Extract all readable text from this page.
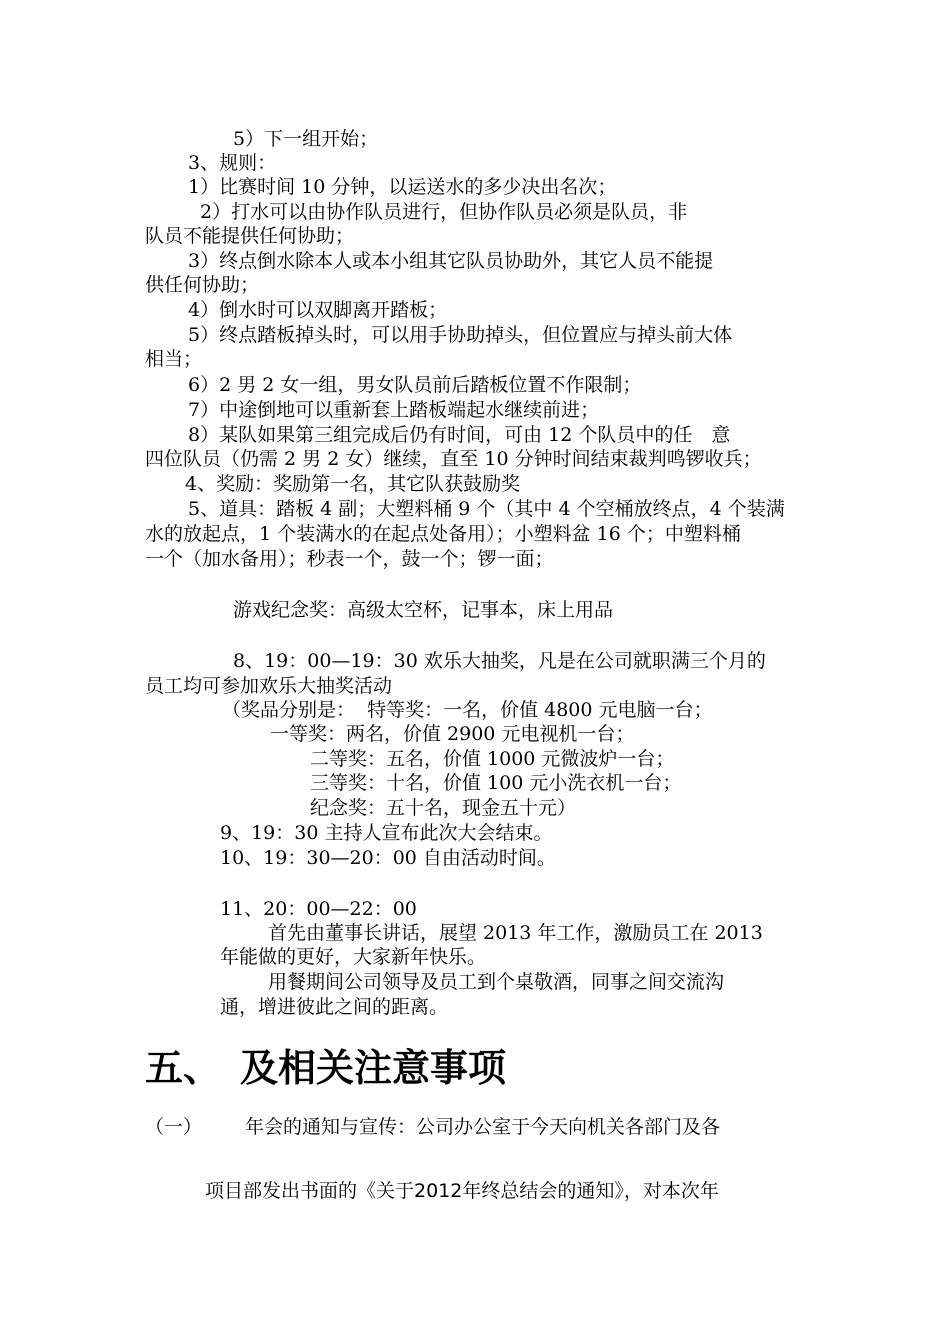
5）下一组开始；
3、规则：
1）比赛时间 10 分钟，以运送水的多少决出名次；
2）打水可以由协作队员进行，但协作队员必须是队员，非
队员不能提供任何协助；
3）终点倒水除本人或本小组其它队员协助外，其它人员不能提
供任何协助；
4）倒水时可以双脚离开踏板；
5）终点踏板掉头时，可以用手协助掉头，但位置应与掉头前大体
相当；
6）2 男 2 女一组，男女队员前后踏板位置不作限制；
7）中途倒地可以重新套上踏板端起水继续前进；
8）某队如果第三组完成后仍有时间，可由 12 个队员中的任　意
四位队员（仍需 2 男 2 女）继续，直至 10 分钟时间结束裁判鸣锣收兵；
4、奖励：奖励第一名，其它队获鼓励奖
5、道具：踏板 4 副；大塑料桶 9 个（其中 4 个空桶放终点，4 个装满
水的放起点，1 个装满水的在起点处备用）；小塑料盆 16 个；中塑料桶
一个（加水备用）；秒表一个，鼓一个；锣一面；
游戏纪念奖：高级太空杯，记事本，床上用品
8、19：00—19：30 欢乐大抽奖，凡是在公司就职满三个月的
员工均可参加欢乐大抽奖活动
（奖品分别是：  特等奖：一名，价值 4800 元电脑一台；
一等奖：两名，价值 2900 元电视机一台；
二等奖：五名，价值 1000 元微波炉一台；
三等奖：十名，价值 100 元小洗衣机一台；
纪念奖：五十名，现金五十元）
9、19：30 主持人宣布此次大会结束。
10、19：30—20：00 自由活动时间。
11、20：00—22：00
首先由董事长讲话，展望 2013 年工作，激励员工在 2013
年能做的更好，大家新年快乐。
用餐期间公司领导及员工到个桌敬酒，同事之间交流沟
通，增进彼此之间的距离。
五、　及相关注意事项
（一） 年会的通知与宣传：公司办公室于今天向机关各部门及各
项目部发出书面的《关于2012年终总结会的通知》，对本次年
